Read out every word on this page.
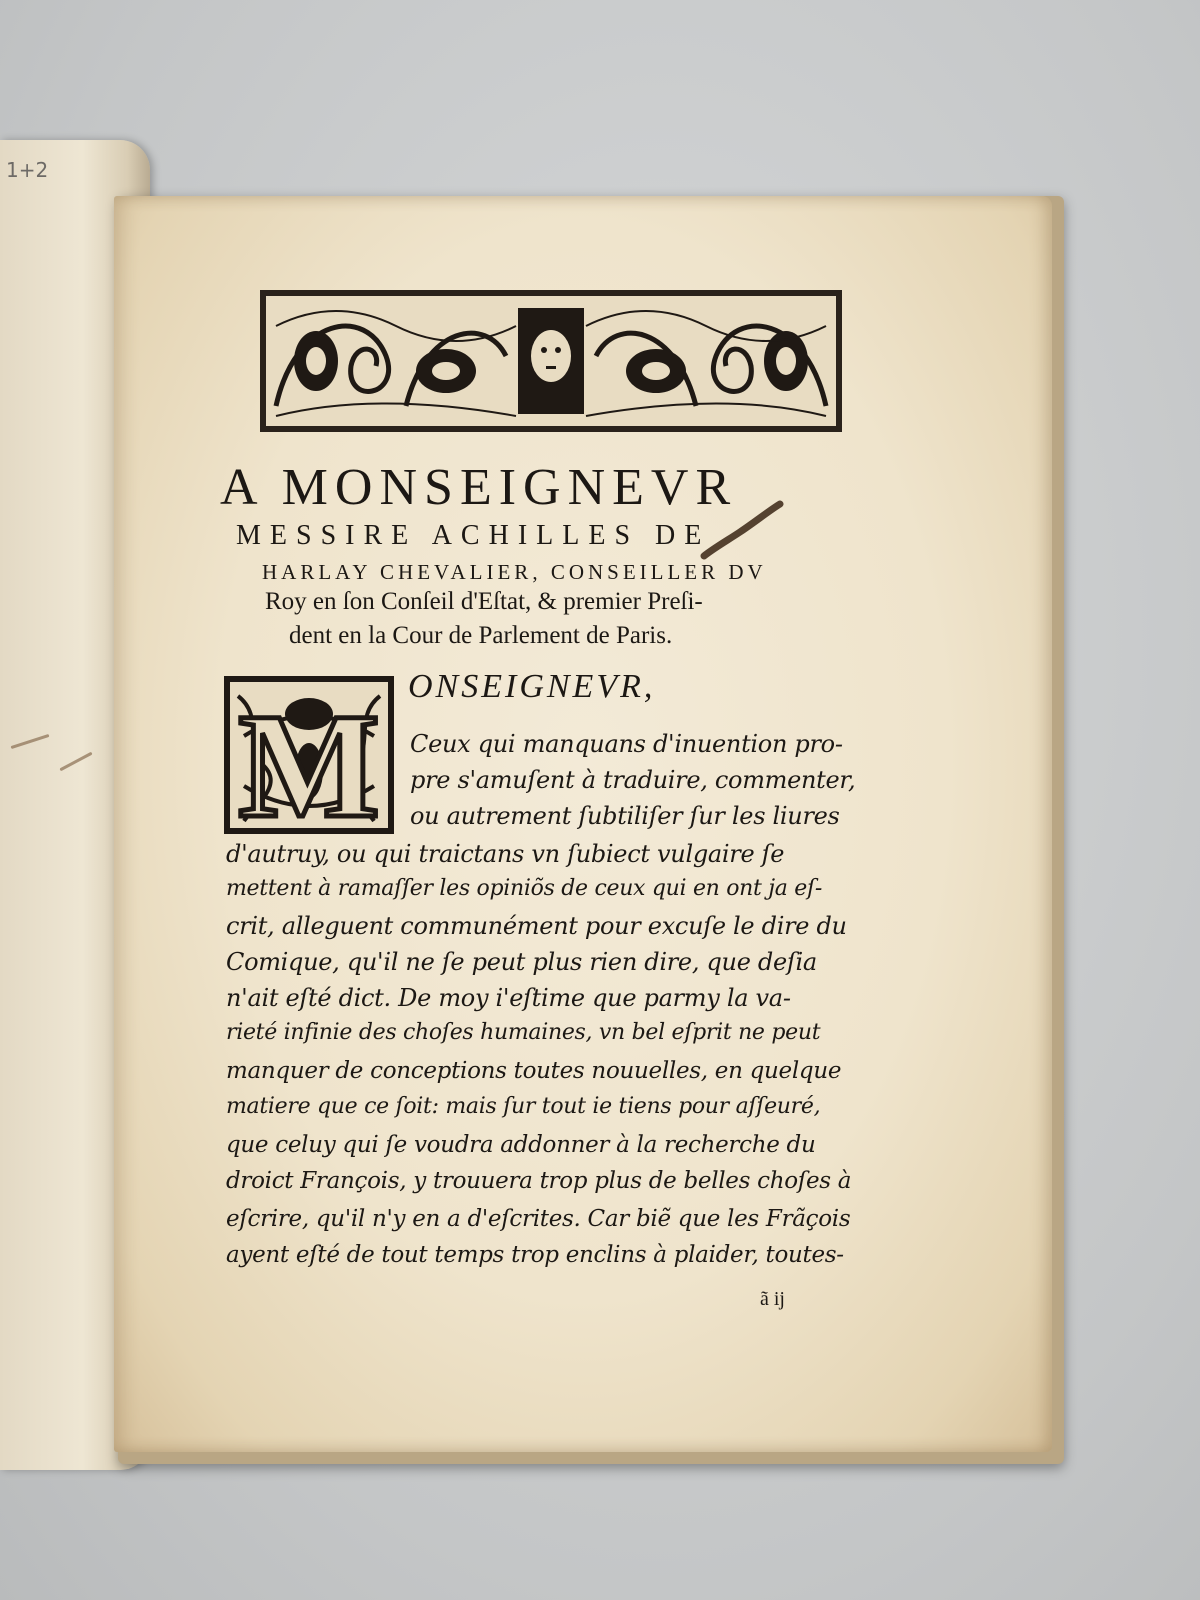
1+2
A MONSEIGNEVR
MESSIRE ACHILLES DE
HARLAY CHEVALIER, CONSEILLER DV
Roy en ſon Conſeil d'Eſtat, & premier Preſi-
dent en la Cour de Parlement de Paris.
M ONSEIGNEVR,
Ceux qui manquans d'inuention pro-
pre s'amuſent à traduire, commenter,
ou autrement ſubtiliſer ſur les liures
d'autruy, ou qui traictans vn ſubiect vulgaire ſe
mettent à ramaſſer les opiniõs de ceux qui en ont ja eſ-
crit, alleguent communément pour excuſe le dire du
Comique, qu'il ne ſe peut plus rien dire, que deſia
n'ait eſté dict. De moy i'eſtime que parmy la va-
rieté infinie des choſes humaines, vn bel eſprit ne peut
manquer de conceptions toutes nouuelles, en quelque
matiere que ce ſoit: mais ſur tout ie tiens pour aſſeuré,
que celuy qui ſe voudra addonner à la recherche du
droict François, y trouuera trop plus de belles choſes à
eſcrire, qu'il n'y en a d'eſcrites. Car biẽ que les Frãçois
ayent eſté de tout temps trop enclins à plaider, toutes-
ã ij
